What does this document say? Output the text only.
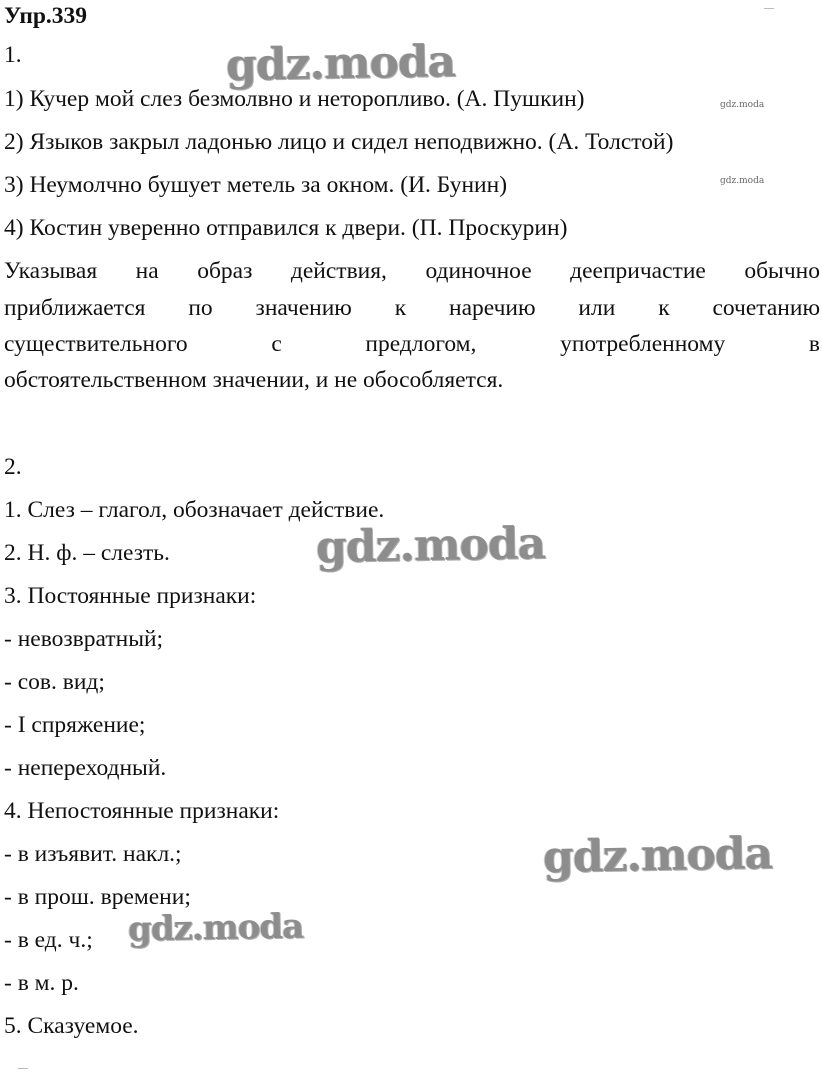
Упр.339
1.
1) Кучер мой слез безмолвно и неторопливо. (А. Пушкин)
2) Языков закрыл ладонью лицо и сидел неподвижно. (А. Толстой)
3) Неумолчно бушует метель за окном. (И. Бунин)
4) Костин уверенно отправился к двери. (П. Проскурин)
Указывая на образ действия, одиночное деепричастие обычно
приближается по значению к наречию или к сочетанию
существительного с предлогом, употребленному в
обстоятельственном значении, и не обособляется.
2.
1. Слез – глагол, обозначает действие.
2. Н. ф. – слезть.
3. Постоянные признаки:
- невозвратный;
- сов. вид;
- I спряжение;
- непереходный.
4. Непостоянные признаки:
- в изъявит. накл.;
- в прош. времени;
- в ед. ч.;
- в м. р.
5. Сказуемое.
gdz.moda
gdz.moda
gdz.moda
gdz.moda
gdz.moda
gdz.moda
